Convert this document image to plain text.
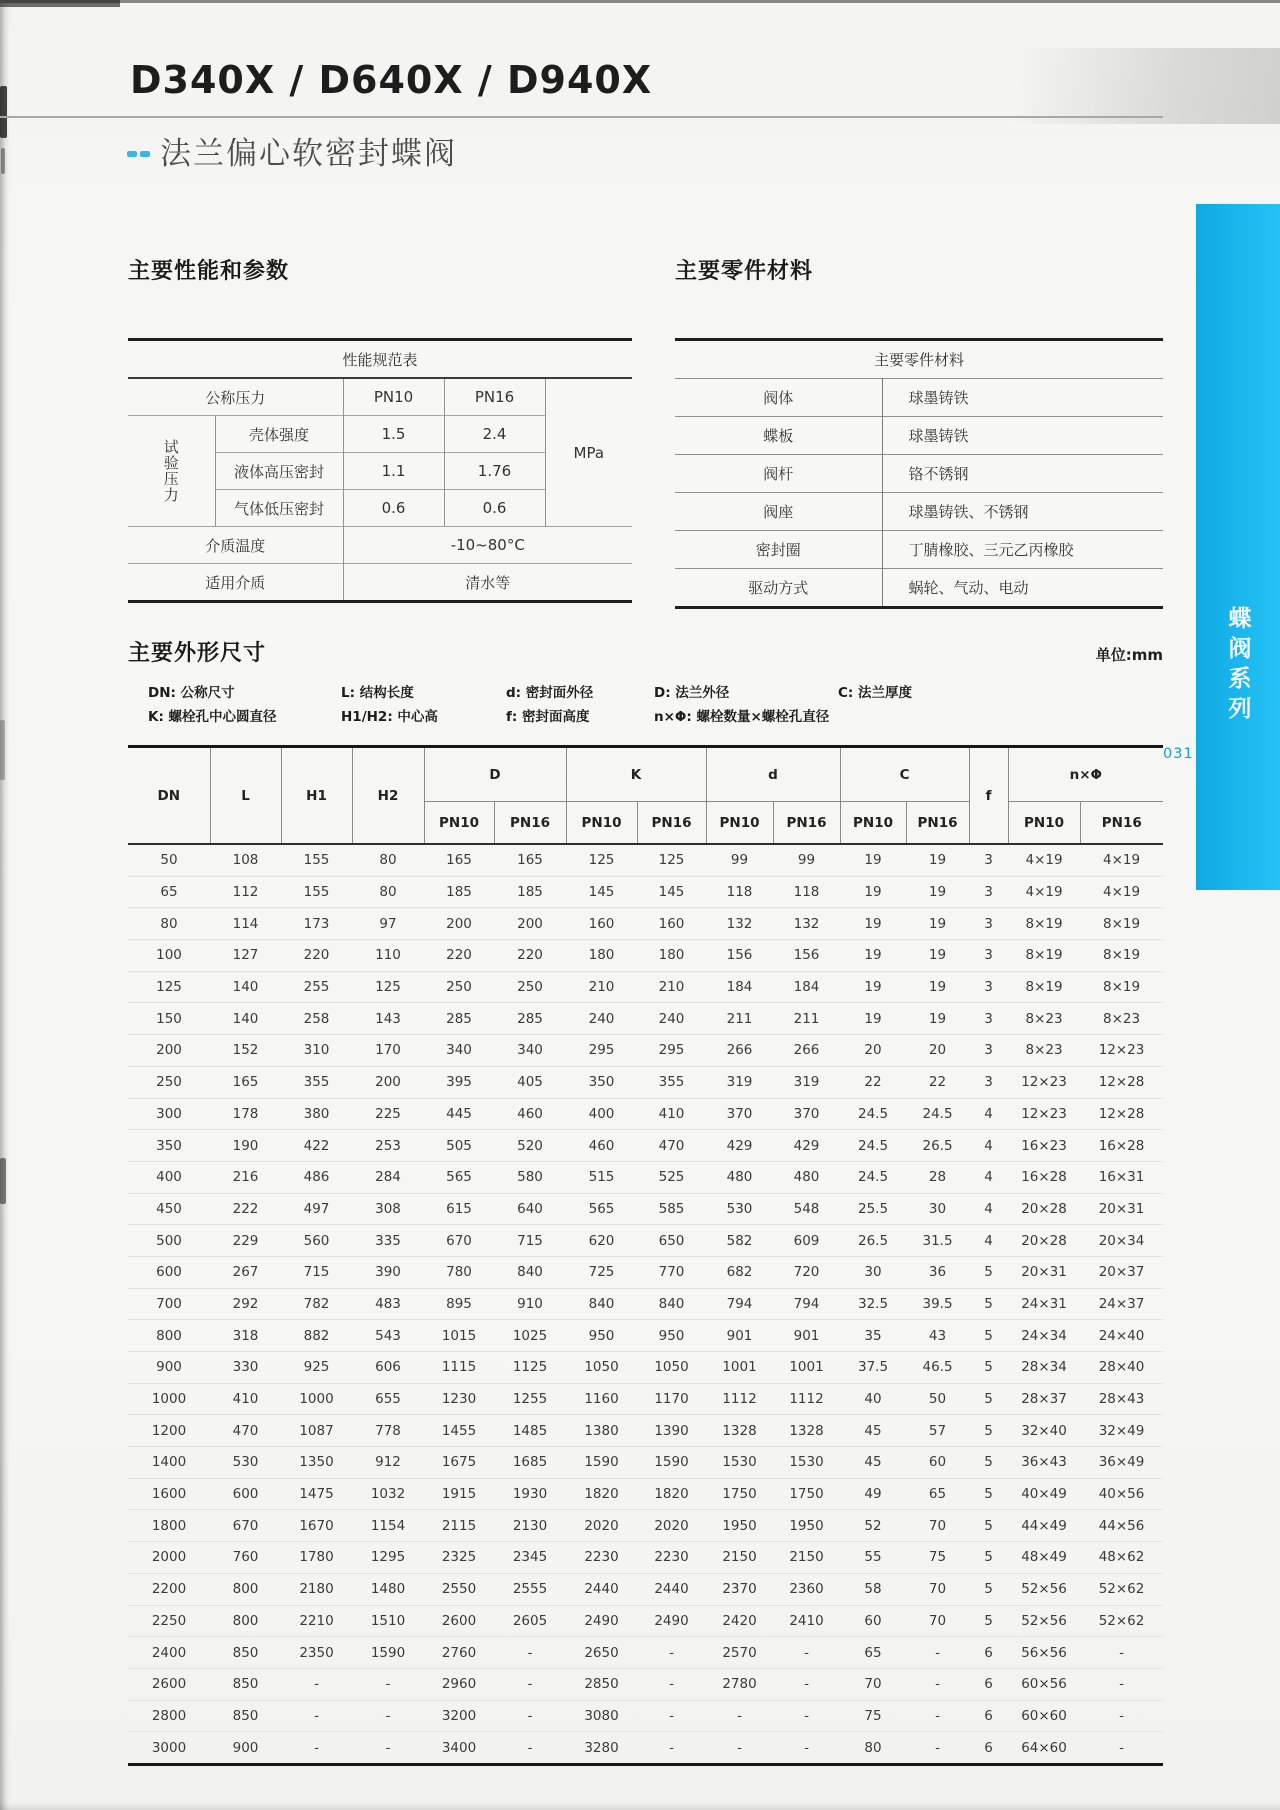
D340X / D640X / D940X
法兰偏心软密封蝶阀
主要性能和参数
性能规范表				
公称压力		PN10	PN16	MPa
试验压力	壳体强度	1.5	2.4	
	液体高压密封	1.1	1.76	
	气体低压密封	0.6	0.6	
介质温度		-10~80°C		
适用介质		清水等		
主要零件材料
主要零件材料	
阀体	球墨铸铁
蝶板	球墨铸铁
阀杆	铬不锈钢
阀座	球墨铸铁、不锈钢
密封圈	丁腈橡胶、三元乙丙橡胶
驱动方式	蜗轮、气动、电动
主要外形尺寸	单位:mm
DN: 公称尺寸	L: 结构长度	d: 密封面外径	D: 法兰外径	C: 法兰厚度
K: 螺栓孔中心圆直径	H1/H2: 中心高	f: 密封面高度	n×Φ: 螺栓数量×螺栓孔直径
DN	L	H1	H2	D		K		d		C		f	n×Φ	
				PN10	PN16	PN10	PN16	PN10	PN16	PN10	PN16		PN10	PN16
50	108	155	80	165	165	125	125	99	99	19	19	3	4×19	4×19
65	112	155	80	185	185	145	145	118	118	19	19	3	4×19	4×19
80	114	173	97	200	200	160	160	132	132	19	19	3	8×19	8×19
100	127	220	110	220	220	180	180	156	156	19	19	3	8×19	8×19
125	140	255	125	250	250	210	210	184	184	19	19	3	8×19	8×19
150	140	258	143	285	285	240	240	211	211	19	19	3	8×23	8×23
200	152	310	170	340	340	295	295	266	266	20	20	3	8×23	12×23
250	165	355	200	395	405	350	355	319	319	22	22	3	12×23	12×28
300	178	380	225	445	460	400	410	370	370	24.5	24.5	4	12×23	12×28
350	190	422	253	505	520	460	470	429	429	24.5	26.5	4	16×23	16×28
400	216	486	284	565	580	515	525	480	480	24.5	28	4	16×28	16×31
450	222	497	308	615	640	565	585	530	548	25.5	30	4	20×28	20×31
500	229	560	335	670	715	620	650	582	609	26.5	31.5	4	20×28	20×34
600	267	715	390	780	840	725	770	682	720	30	36	5	20×31	20×37
700	292	782	483	895	910	840	840	794	794	32.5	39.5	5	24×31	24×37
800	318	882	543	1015	1025	950	950	901	901	35	43	5	24×34	24×40
900	330	925	606	1115	1125	1050	1050	1001	1001	37.5	46.5	5	28×34	28×40
1000	410	1000	655	1230	1255	1160	1170	1112	1112	40	50	5	28×37	28×43
1200	470	1087	778	1455	1485	1380	1390	1328	1328	45	57	5	32×40	32×49
1400	530	1350	912	1675	1685	1590	1590	1530	1530	45	60	5	36×43	36×49
1600	600	1475	1032	1915	1930	1820	1820	1750	1750	49	65	5	40×49	40×56
1800	670	1670	1154	2115	2130	2020	2020	1950	1950	52	70	5	44×49	44×56
2000	760	1780	1295	2325	2345	2230	2230	2150	2150	55	75	5	48×49	48×62
2200	800	2180	1480	2550	2555	2440	2440	2370	2360	58	70	5	52×56	52×62
2250	800	2210	1510	2600	2605	2490	2490	2420	2410	60	70	5	52×56	52×62
2400	850	2350	1590	2760	-	2650	-	2570	-	65	-	6	56×56	-
2600	850	-	-	2960	-	2850	-	2780	-	70	-	6	60×56	-
2800	850	-	-	3200	-	3080	-	-	-	75	-	6	60×60	-
3000	900	-	-	3400	-	3280	-	-	-	80	-	6	64×60	-
蝶阀系列
031
